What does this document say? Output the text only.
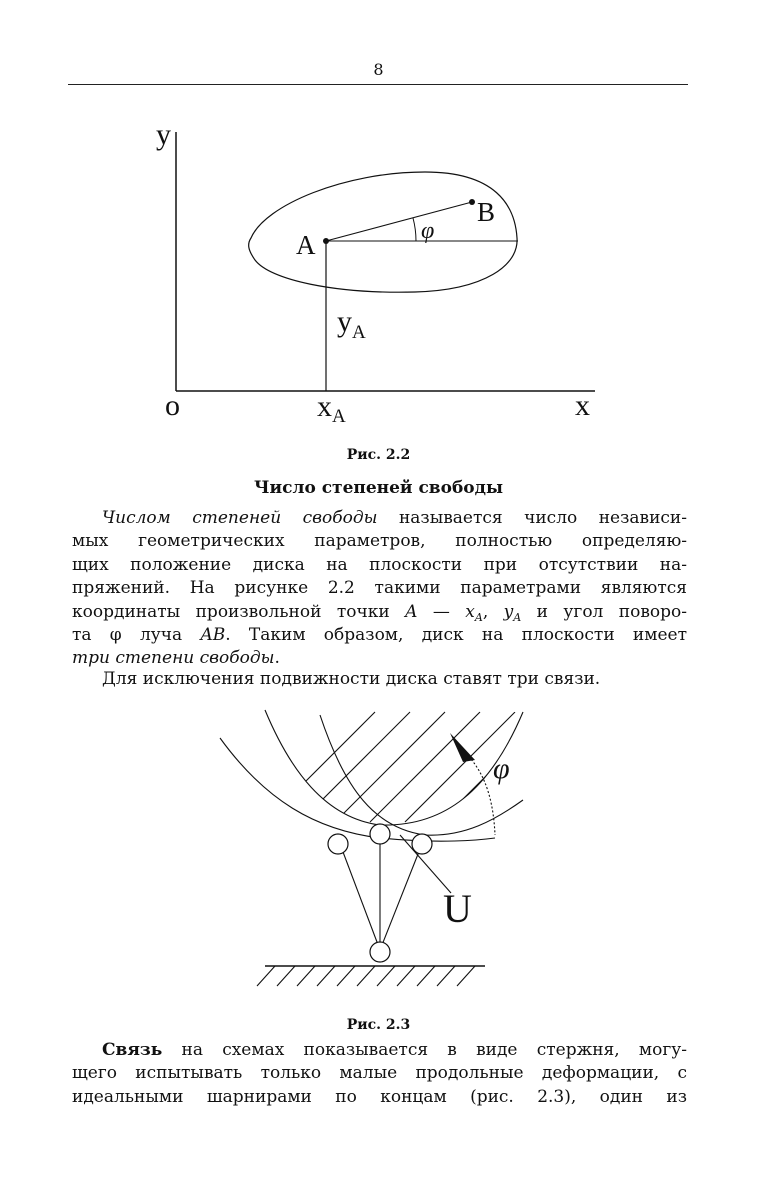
8
y
o	x
$x_A$
$y_A$
A
B
φ
Рис. 2.2
Число степеней свободы
Числом степеней свободы называется число независи-
мых геометрических параметров, полностью определяю-
щих положение диска на плоскости при отсутствии на-
пряжений. На рисунке 2.2 такими параметрами являются
координаты произвольной точки A — $x_A$, $y_A$ и угол поворо-
та φ луча AB. Таким образом, диск на плоскости имеет
три степени свободы.
Для исключения подвижности диска ставят три связи.
U
φ
Рис. 2.3
Связь на схемах показывается в виде стержня, могу-
щего испытывать только малые продольные деформации, с
идеальными шарнирами по концам (рис. 2.3), один из
